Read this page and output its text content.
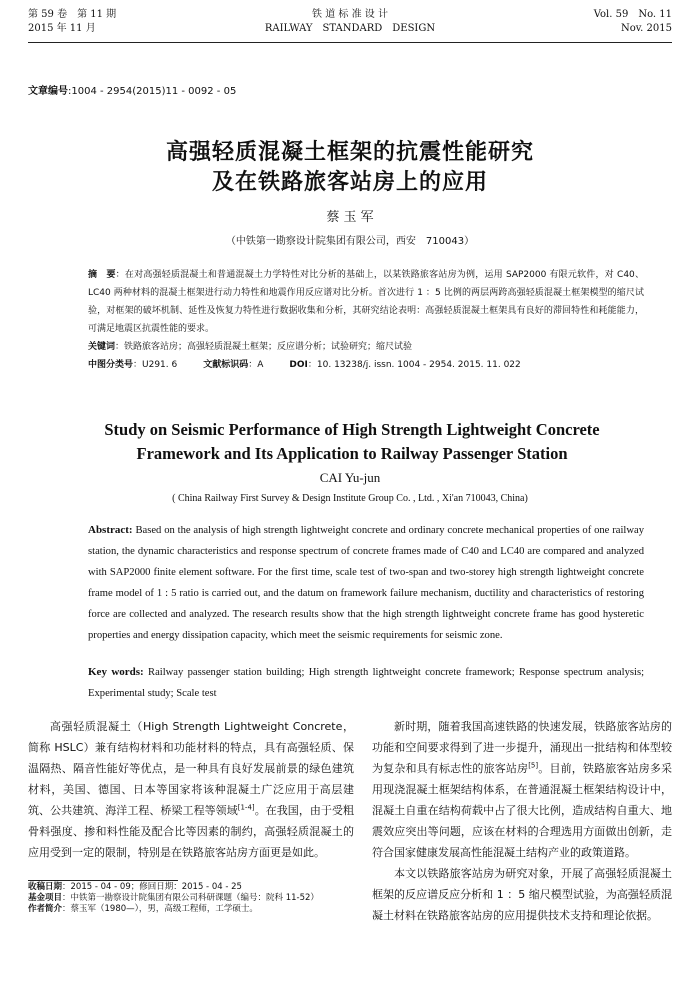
第 59 卷　第 11 期
2015 年 11 月
铁 道 标 准 设 计
RAILWAY　STANDARD　DESIGN
Vol. 59　No. 11
Nov. 2015
文章编号:1004 - 2954(2015)11 - 0092 - 05
高强轻质混凝土框架的抗震性能研究
及在铁路旅客站房上的应用
蔡 玉 军
（中铁第一勘察设计院集团有限公司，西安　710043）
摘　要：在对高强轻质混凝土和普通混凝土力学特性对比分析的基础上，以某铁路旅客站房为例，运用 SAP2000 有限元软件，对 C40、LC40 两种材料的混凝土框架进行动力特性和地震作用反应谱对比分析。首次进行 1 ：5 比例的两层两跨高强轻质混凝土框架模型的缩尺试验，对框架的破坏机制、延性及恢复力特性进行数据收集和分析，其研究结论表明：高强轻质混凝土框架具有良好的滞回特性和耗能能力，可满足地震区抗震性能的要求。
关键词：铁路旅客站房；高强轻质混凝土框架；反应谱分析；试验研究；缩尺试验
中图分类号：U291. 6	文献标识码：A	DOI：10. 13238/j. issn. 1004 - 2954. 2015. 11. 022
Study on Seismic Performance of High Strength Lightweight Concrete
Framework and Its Application to Railway Passenger Station
CAI Yu-jun
( China Railway First Survey & Design Institute Group Co. , Ltd. , Xi'an 710043, China)
Abstract: Based on the analysis of high strength lightweight concrete and ordinary concrete mechanical properties of one railway station, the dynamic characteristics and response spectrum of concrete frames made of C40 and LC40 are compared and analyzed with SAP2000 finite element software. For the first time, scale test of two-span and two-storey high strength lightweight concrete frame model of 1 : 5 ratio is carried out, and the datum on framework failure mechanism, ductility and characteristics of restoring force are collected and analyzed. The research results show that the high strength lightweight concrete frame has good hysteretic properties and energy dissipation capacity, which meet the seismic requirements for seismic zone.
Key words: Railway passenger station building; High strength lightweight concrete framework; Response spectrum analysis; Experimental study; Scale test

高强轻质混凝土（High Strength Lightweight Concrete，简称 HSLC）兼有结构材料和功能材料的特点，具有高强轻质、保温隔热、隔音性能好等优点，是一种具有良好发展前景的绿色建筑材料，美国、德国、日本等国家将该种混凝土广泛应用于高层建筑、公共建筑、海洋工程、桥梁工程等领域[1-4]。在我国，由于受粗骨料强度、掺和料性能及配合比等因素的制约，高强轻质混凝土的应用受到一定的限制，特别是在铁路旅客站房方面更是如此。

新时期，随着我国高速铁路的快速发展，铁路旅客站房的功能和空间要求得到了进一步提升，涌现出一批结构和体型较为复杂和具有标志性的旅客站房[5]。目前，铁路旅客站房多采用现浇混凝土框架结构体系，在普通混凝土框架结构设计中，混凝土自重在结构荷载中占了很大比例，造成结构自重大、地震效应突出等问题，应该在材料的合理选用方面做出创新，走符合国家健康发展高性能混凝土结构产业的政策道路。

本文以铁路旅客站房为研究对象，开展了高强轻质混凝土框架的反应谱反应分析和 1 ：5 缩尺模型试验，为高强轻质混凝土材料在铁路旅客站房的应用提供技术支持和理论依据。

收稿日期：2015 - 04 - 09；修回日期：2015 - 04 - 25
基金项目：中铁第一勘察设计院集团有限公司科研课题（编号：院科 11-52）
作者简介：蔡玉军（1980—），男，高级工程师，工学硕士。
